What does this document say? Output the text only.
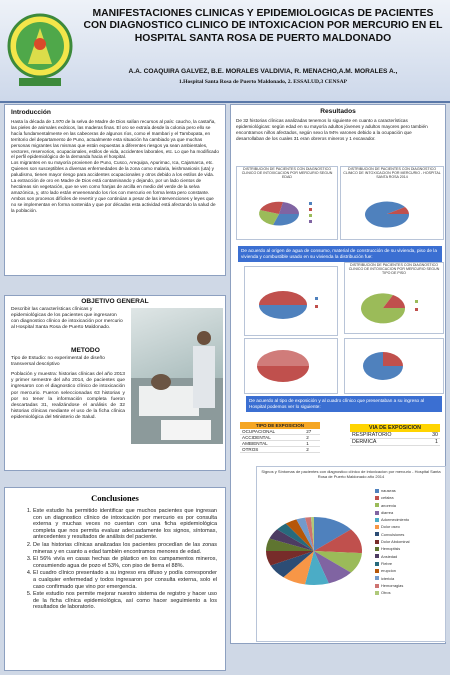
MANIFESTACIONES CLINICAS Y EPIDEMIOLOGICAS DE PACIENTES CON DIAGNOSTICO CLINICO DE INTOXICACION POR MERCURIO EN EL HOSPITAL SANTA ROSA DE PUERTO MALDONADO
A.A. COAQUIRA GALVEZ, B.E. MORALES VALDIVIA, R. MENACHO,A.M. MORALES A.,
1.Hospital Santa Rosa de Puerto Maldonado, 2. ESSALUD,3 CENSAP
Introducción

Hasta la década de 1.970 de la selva de Madre de Dios salían recursos al país: caucho, la castaña, las pieles de animales exóticos, las maderas finas. El oro se extraía desde la colonia pero ello se hacía fundamentalmente en las cabeceras de algunos ríos, como el Inambari y el Tambopata, en territorio del departamento de Puno, actualmente esta situación ha cambiado ya que muchas personas migrantes las mismas que están expuestas a diferentes riesgos ya sean ambientales, vectores, reservorios, ocupacionales, estilos de vida, accidentes laborales, etc. Lo que ha modificado el perfil epidemiológico de la demanda hacia el hospital.

Los migrantes en su mayoría provienen de Puno, Cusco, Arequipa, Apurimac, Ica, Cajamarca, etc. Quienes son susceptibles a diversas enfermedades de la zona como malaria, leishmaniosis (uta) y paludismo, tienen mayor riesgo para accidentes ocupacionales y otros debido a los estilos de vida.

La extracción de oro en Madre de Dios está contaminando y dejando, por un lado cientos de hectáreas sin vegetación, que se ven como franjas de arcilla en medio del verde de la selva amazónica, y, otro lado están envenenando los ríos con mercurio en forma lenta pero constante. Ambos son procesos difíciles de revertir y que continúan a pesar de las intervenciones y leyes que no se implementan en forma sostenida y que por décadas esta actividad está afectando la salud de la población.

OBJETIVO GENERAL
Describir las características clínicas y epidemiológicas de los pacientes que ingresaron con diagnostico clínico de intoxicación por mercurio al Hospital Santa Rosa de Puerto Maldonado.
METODO
Tipo de Estudio: no experimental de diseño transversal descriptivo
Población y muestra: historias clínicas del año 2013 y primer semestre del año 2014, de pacientes que ingresaron con el diagnostico clínico de intoxicación por mercurio. Fueron seleccionadas 63 historias y por no tener la información completa fueron descartadas 31, realizándose el análisis de 32 historias clínicas mediante el uso de la ficha clínica epidemiológica del Ministerio de Salud.
Conclusiones
1. Este estudio ha permitido identificar que muchos pacientes que ingresan con un diagnostico clínico de intoxicación por mercurio es por consulta externa y muchas veces no cuentan con una ficha epidemiológica completa que nos permita evaluar adecuadamente los signos, síntomas, antecedentes y resultados de análisis del paciente.
2. De las historias clínicas analizadas los pacientes procedían de las zonas mineras y en cuanto a edad también encontramos menores de edad.
3. El 56% vivía en casas hechas de plástico en los campamentos mineros, consumiendo agua de pozo el 53%, con piso de tierra el 88%.
4. El cuadro clínico presentado a su ingreso era difuso y podía corresponder a cualquier enfermedad y todos ingresaron por consulta externa, solo el caso confirmado que vino por emergencia.
5. Este estudio nos permite mejorar nuestro sistema de registro y hacer uso de la ficha clínica epidemiológica, así como hacer seguimiento a los resultados de laboratorio.
Resultados

De 32 historias clínicas analizadas tenemos lo siguiente en cuanto a características epidemiológicas: según edad en su mayoría adultos jóvenes y adultos mayores pero también encontramos niños afectados, según sexo la 94% varones debido a la ocupación que desarrollaban de los cuales 31 eran obreros mineros y 1 excavador.

DISTRIBUCION DE PACIENTES CON DIAGNOSTICO CLINICO DE INTOXICACION POR MERCURIO SEGUN EDAD
DISTRIBUCION DE PACIENTES CON DIAGNOSTICO CLINICO DE INTOXICACION POR MERCURIO - HOSPITAL SANTA ROSA 2014
De acuerdo al origen de agua de consumo, material de construcción de su vivienda, piso de la vivienda y combustible usado en su vivienda la distribución fue:
DISTRIBUCION DE PACIENTES CON DIAGNOSTICO CLINICO DE INTOXICACION POR MERCURIO SEGUN TIPO DE PISO
De acuerdo al tipo de exposición y al cuadro clínico que presentaban a su ingreso al Hospital podemos ver lo siguiente:
TIPO DE EXPOSICION	
OCUPACIONAL	27
ACCIDENTAL	2
AMBIENTAL	1
OTROS	2
VIA DE EXPOSICION	
RESPIRATORIO	30
DERMICA	1
Signos y Síntomas de pacientes con diagnostico clínico de intoxicacion por mercurio - Hospital Santa Rosa de Puerto Maldonado año 2014
nauseas
cefalea
anorexia
diarrea
Adormecimiento
Dolor oseo
Convulsiones
Dolor Abdominal
Hemoptisis
Ansiedad
Fiebre
erupcion
ictericia
Hemorragias
Otros
